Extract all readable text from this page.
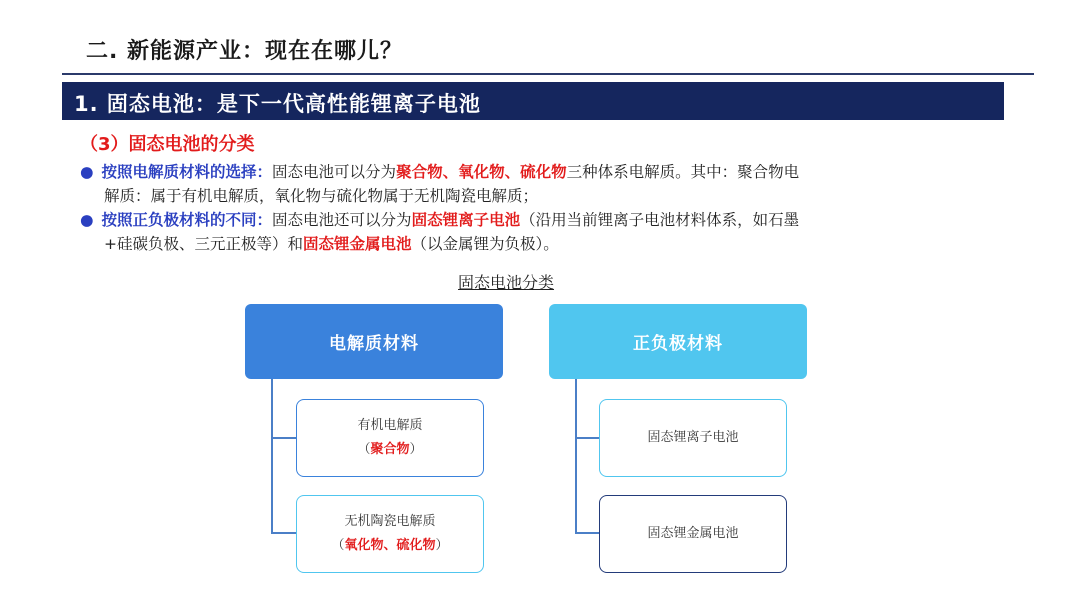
二. 新能源产业：现在在哪儿？
1. 固态电池：是下一代高性能锂离子电池
（3）固态电池的分类
● 按照电解质材料的选择：固态电池可以分为聚合物、氧化物、硫化物三种体系电解质。其中：聚合物电
解质：属于有机电解质，氧化物与硫化物属于无机陶瓷电解质；
● 按照正负极材料的不同：固态电池还可以分为固态锂离子电池（沿用当前锂离子电池材料体系，如石墨
+硅碳负极、三元正极等）和固态锂金属电池（以金属锂为负极）。
固态电池分类
电解质材料	正负极材料
有机电解质
（聚合物）
无机陶瓷电解质
（氧化物、硫化物）
固态锂离子电池
固态锂金属电池
